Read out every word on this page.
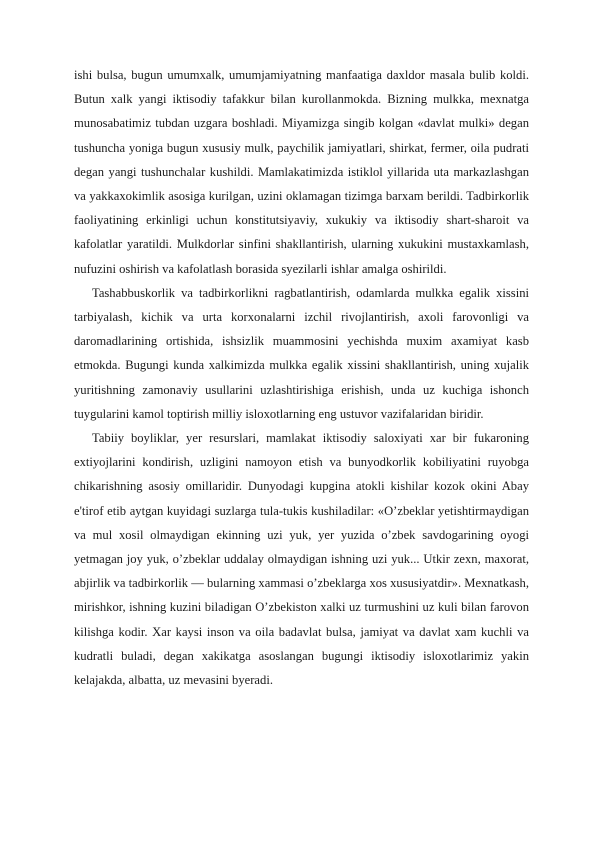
ishi bulsa, bugun umumxalk, umumjamiyatning manfaatiga daxldor masala bulib koldi. Butun xalk yangi iktisodiy tafakkur bilan kurollanmokda. Bizning mulkka, mexnatga munosabatimiz tubdan uzgara boshladi. Miyamizga singib kolgan «davlat mulki» degan tushuncha yoniga bugun xususiy mulk, paychilik jamiyatlari, shirkat, fermer, oila pudrati degan yangi tushunchalar kushildi. Mamlakatimizda istiklol yillarida uta markazlashgan va yakkaxokimlik asosiga kurilgan, uzini oklamagan tizimga barxam berildi. Tadbirkorlik faoliyatining erkinligi uchun konstitutsiyaviy, xukukiy va iktisodiy shart-sharoit va kafolatlar yaratildi. Mulkdorlar sinfini shakllantirish, ularning xukukini mustaxkamlash, nufuzini oshirish va kafolatlash borasida syezilarli ishlar amalga oshirildi.

Tashabbuskorlik va tadbirkorlikni ragbatlantirish, odamlarda mulkka egalik xissini tarbiyalash, kichik va urta korxonalarni izchil rivojlantirish, axoli farovonligi va daromadlarining ortishida, ishsizlik muammosini yechishda muxim axamiyat kasb etmokda. Bugungi kunda xalkimizda mulkka egalik xissini shakllantirish, uning xujalik yuritishning zamonaviy usullarini uzlashtirishiga erishish, unda uz kuchiga ishonch tuygularini kamol toptirish milliy isloxotlarning eng ustuvor vazifalaridan biridir.

Tabiiy boyliklar, yer resurslari, mamlakat iktisodiy saloxiyati xar bir fukaroning extiyojlarini kondirish, uzligini namoyon etish va bunyodkorlik kobiliyatini ruyobga chikarishning asosiy omillaridir. Dunyodagi kupgina atokli kishilar kozok okini Abay e'tirof etib aytgan kuyidagi suzlarga tula-tukis kushiladilar: «O’zbeklar yetishtirmaydigan va mul xosil olmaydigan ekinning uzi yuk, yer yuzida o’zbek savdogarining oyogi yetmagan joy yuk, o’zbeklar uddalay olmaydigan ishning uzi yuk... Utkir zexn, maxorat, abjirlik va tadbirkorlik — bularning xammasi o’zbeklarga xos xususiyatdir». Mexnatkash, mirishkor, ishning kuzini biladigan O’zbekiston xalki uz turmushini uz kuli bilan farovon kilishga kodir. Xar kaysi inson va oila badavlat bulsa, jamiyat va davlat xam kuchli va kudratli buladi, degan xakikatga asoslangan bugungi iktisodiy isloxotlarimiz yakin kelajakda, albatta, uz mevasini byeradi.
